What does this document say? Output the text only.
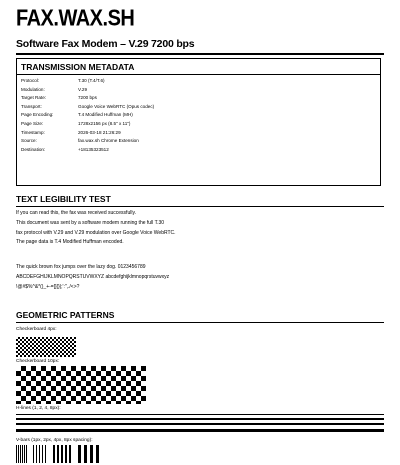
FAX.WAX.SH
Software Fax Modem – V.29 7200 bps
TRANSMISSION METADATA
Protocol:	T.30 (T.4/T.6)
Modulation:	V.29
Target Rate:	7200 bps
Transport:	Google Voice WebRTC (Opus codec)
Page Encoding:	T.4 Modified Huffman (MH)
Page Size:	1728x2156 px (8.5" x 11")
Timestamp:	2026-03-18 21:26:29
Source:	fax.wax.sh Chrome Extension
Destination:	+18135323512
TEXT LEGIBILITY TEST

If you can read this, the fax was received successfully.

This document was sent by a software modem running the full T.30

fax protocol with V.29 and V.29 modulation over Google Voice WebRTC.

The page data is T.4 Modified Huffman encoded.

The quick brown fox jumps over the lazy dog. 0123456789

ABCDEFGHIJKLMNOPQRSTUVWXYZ abcdefghijklmnopqrstuvwxyz

!@#$%^&*()_+-=[]{}|;':",./<>?

GEOMETRIC PATTERNS
Checkerboard 4px:
Checkerboard 10px:
H-lines (1, 2, 4, 8px):
V-bars (1px, 2px, 4px, 8px spacing):
